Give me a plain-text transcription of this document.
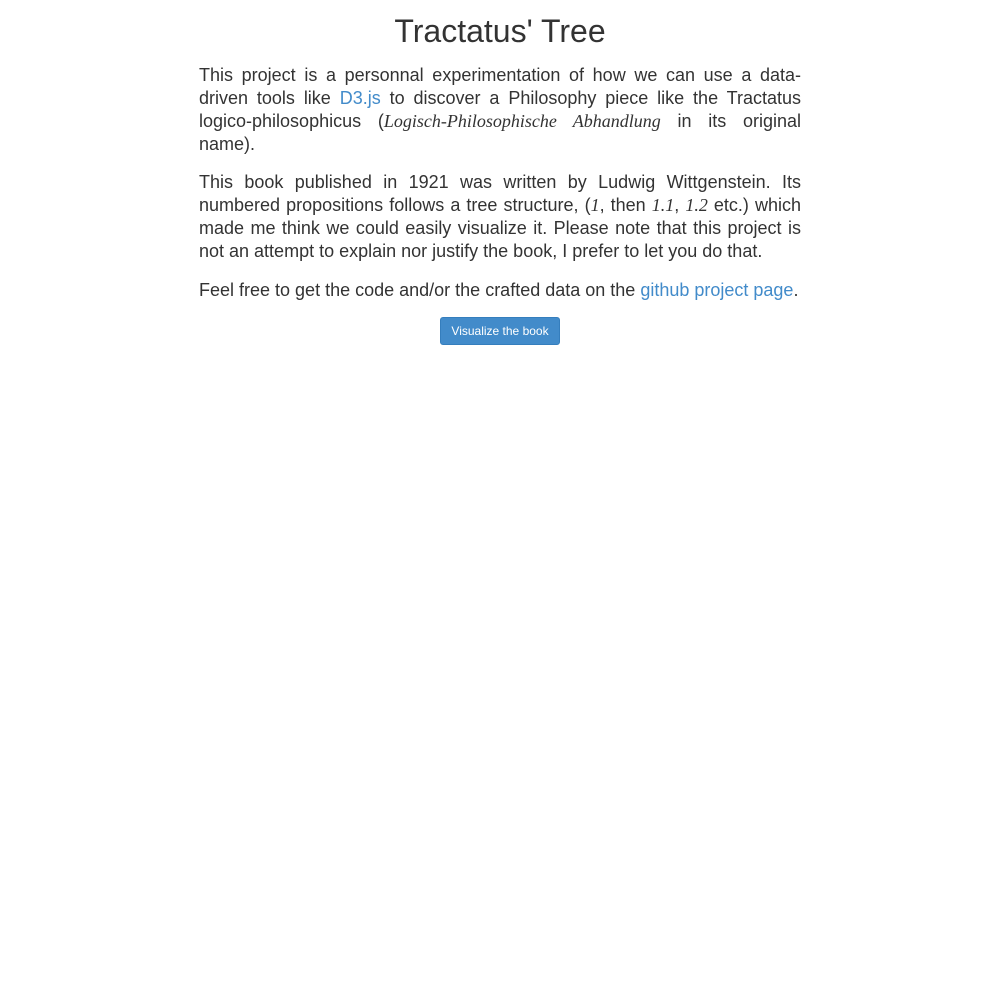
Tractatus' Tree

This project is a personnal experimentation of how we can use a data-driven tools like D3.js to discover a Philosophy piece like the Tractatus logico-philosophicus (Logisch-Philosophische Abhandlung in its original name).

This book published in 1921 was written by Ludwig Wittgenstein. Its numbered propositions follows a tree structure, (1, then 1.1, 1.2 etc.) which made me think we could easily visualize it. Please note that this project is not an attempt to explain nor justify the book, I prefer to let you do that.

Feel free to get the code and/or the crafted data on the github project page.

Visualize the book
